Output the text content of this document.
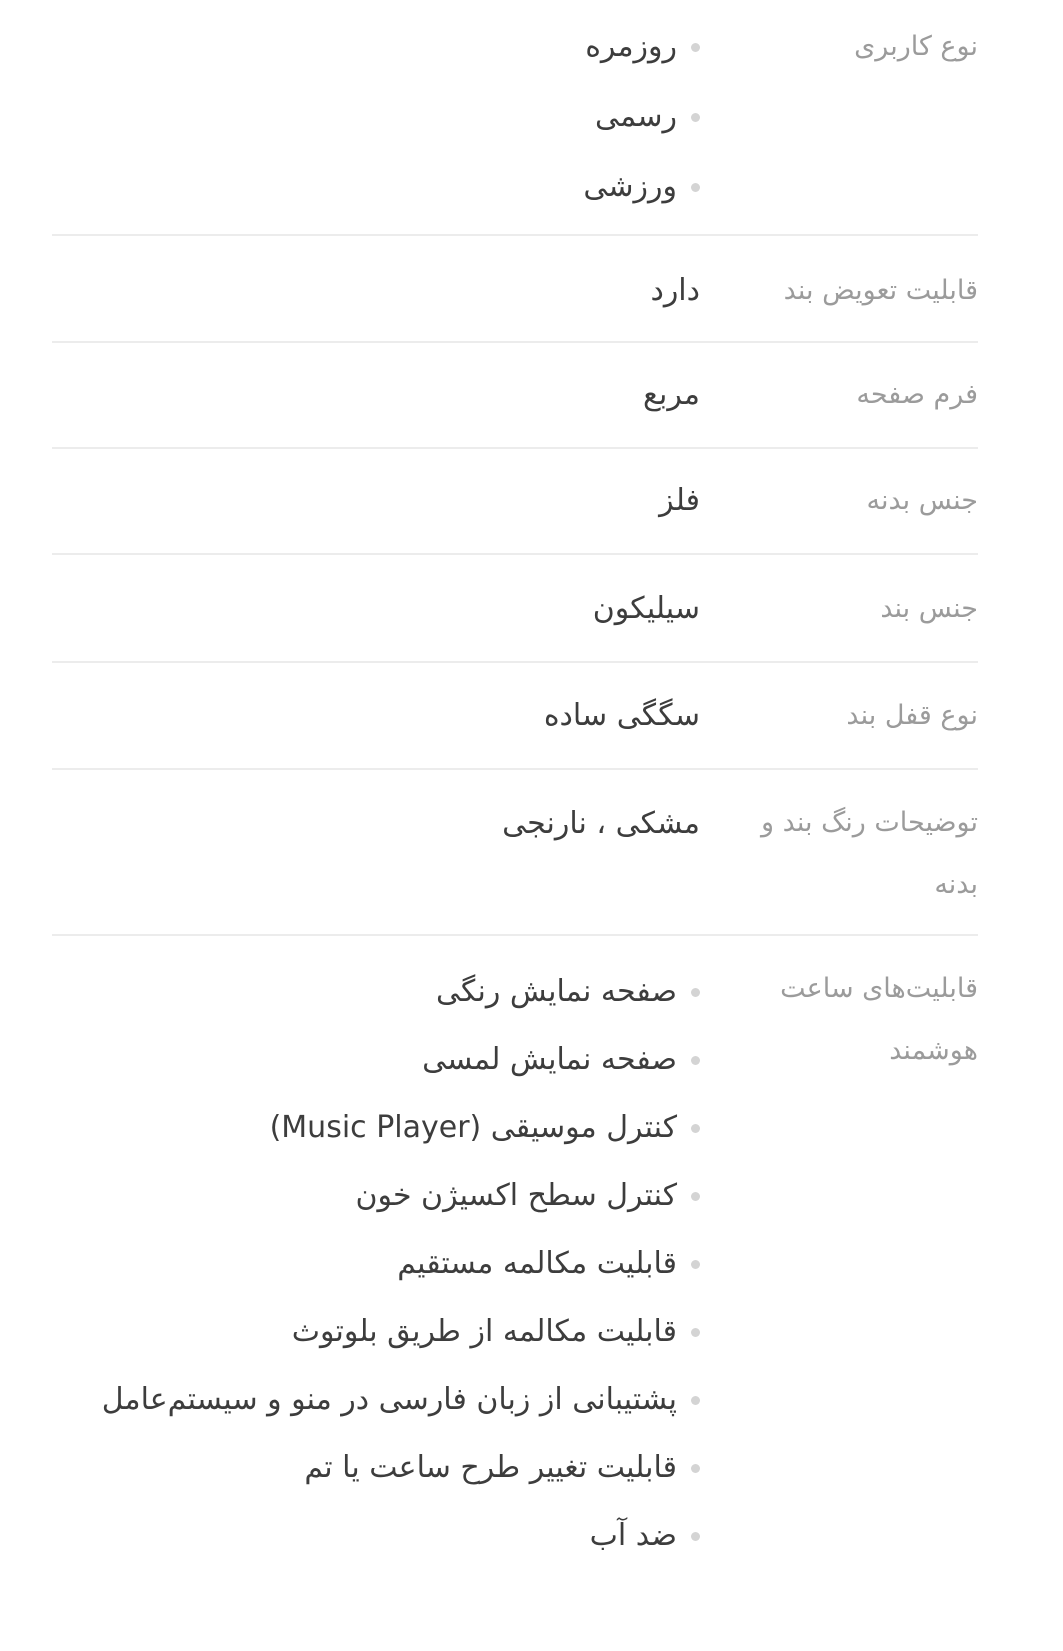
نوع کاربری
روزمره
رسمی
ورزشی
قابلیت تعویض بند
دارد
فرم صفحه
مربع
جنس بدنه
فلز
جنس بند
سیلیکون
نوع قفل بند
سگگی ساده
توضیحات رنگ بند و بدنه
مشکی ، نارنجی
قابلیت‌های ساعت هوشمند
صفحه نمایش رنگی
صفحه نمایش لمسی
کنترل موسیقی (Music Player)
کنترل سطح اکسیژن خون
قابلیت مکالمه مستقیم
قابلیت مکالمه از طریق بلوتوث
پشتیبانی از زبان فارسی در منو و سیستم‌عامل
قابلیت تغییر طرح ساعت یا تم
ضد آب
